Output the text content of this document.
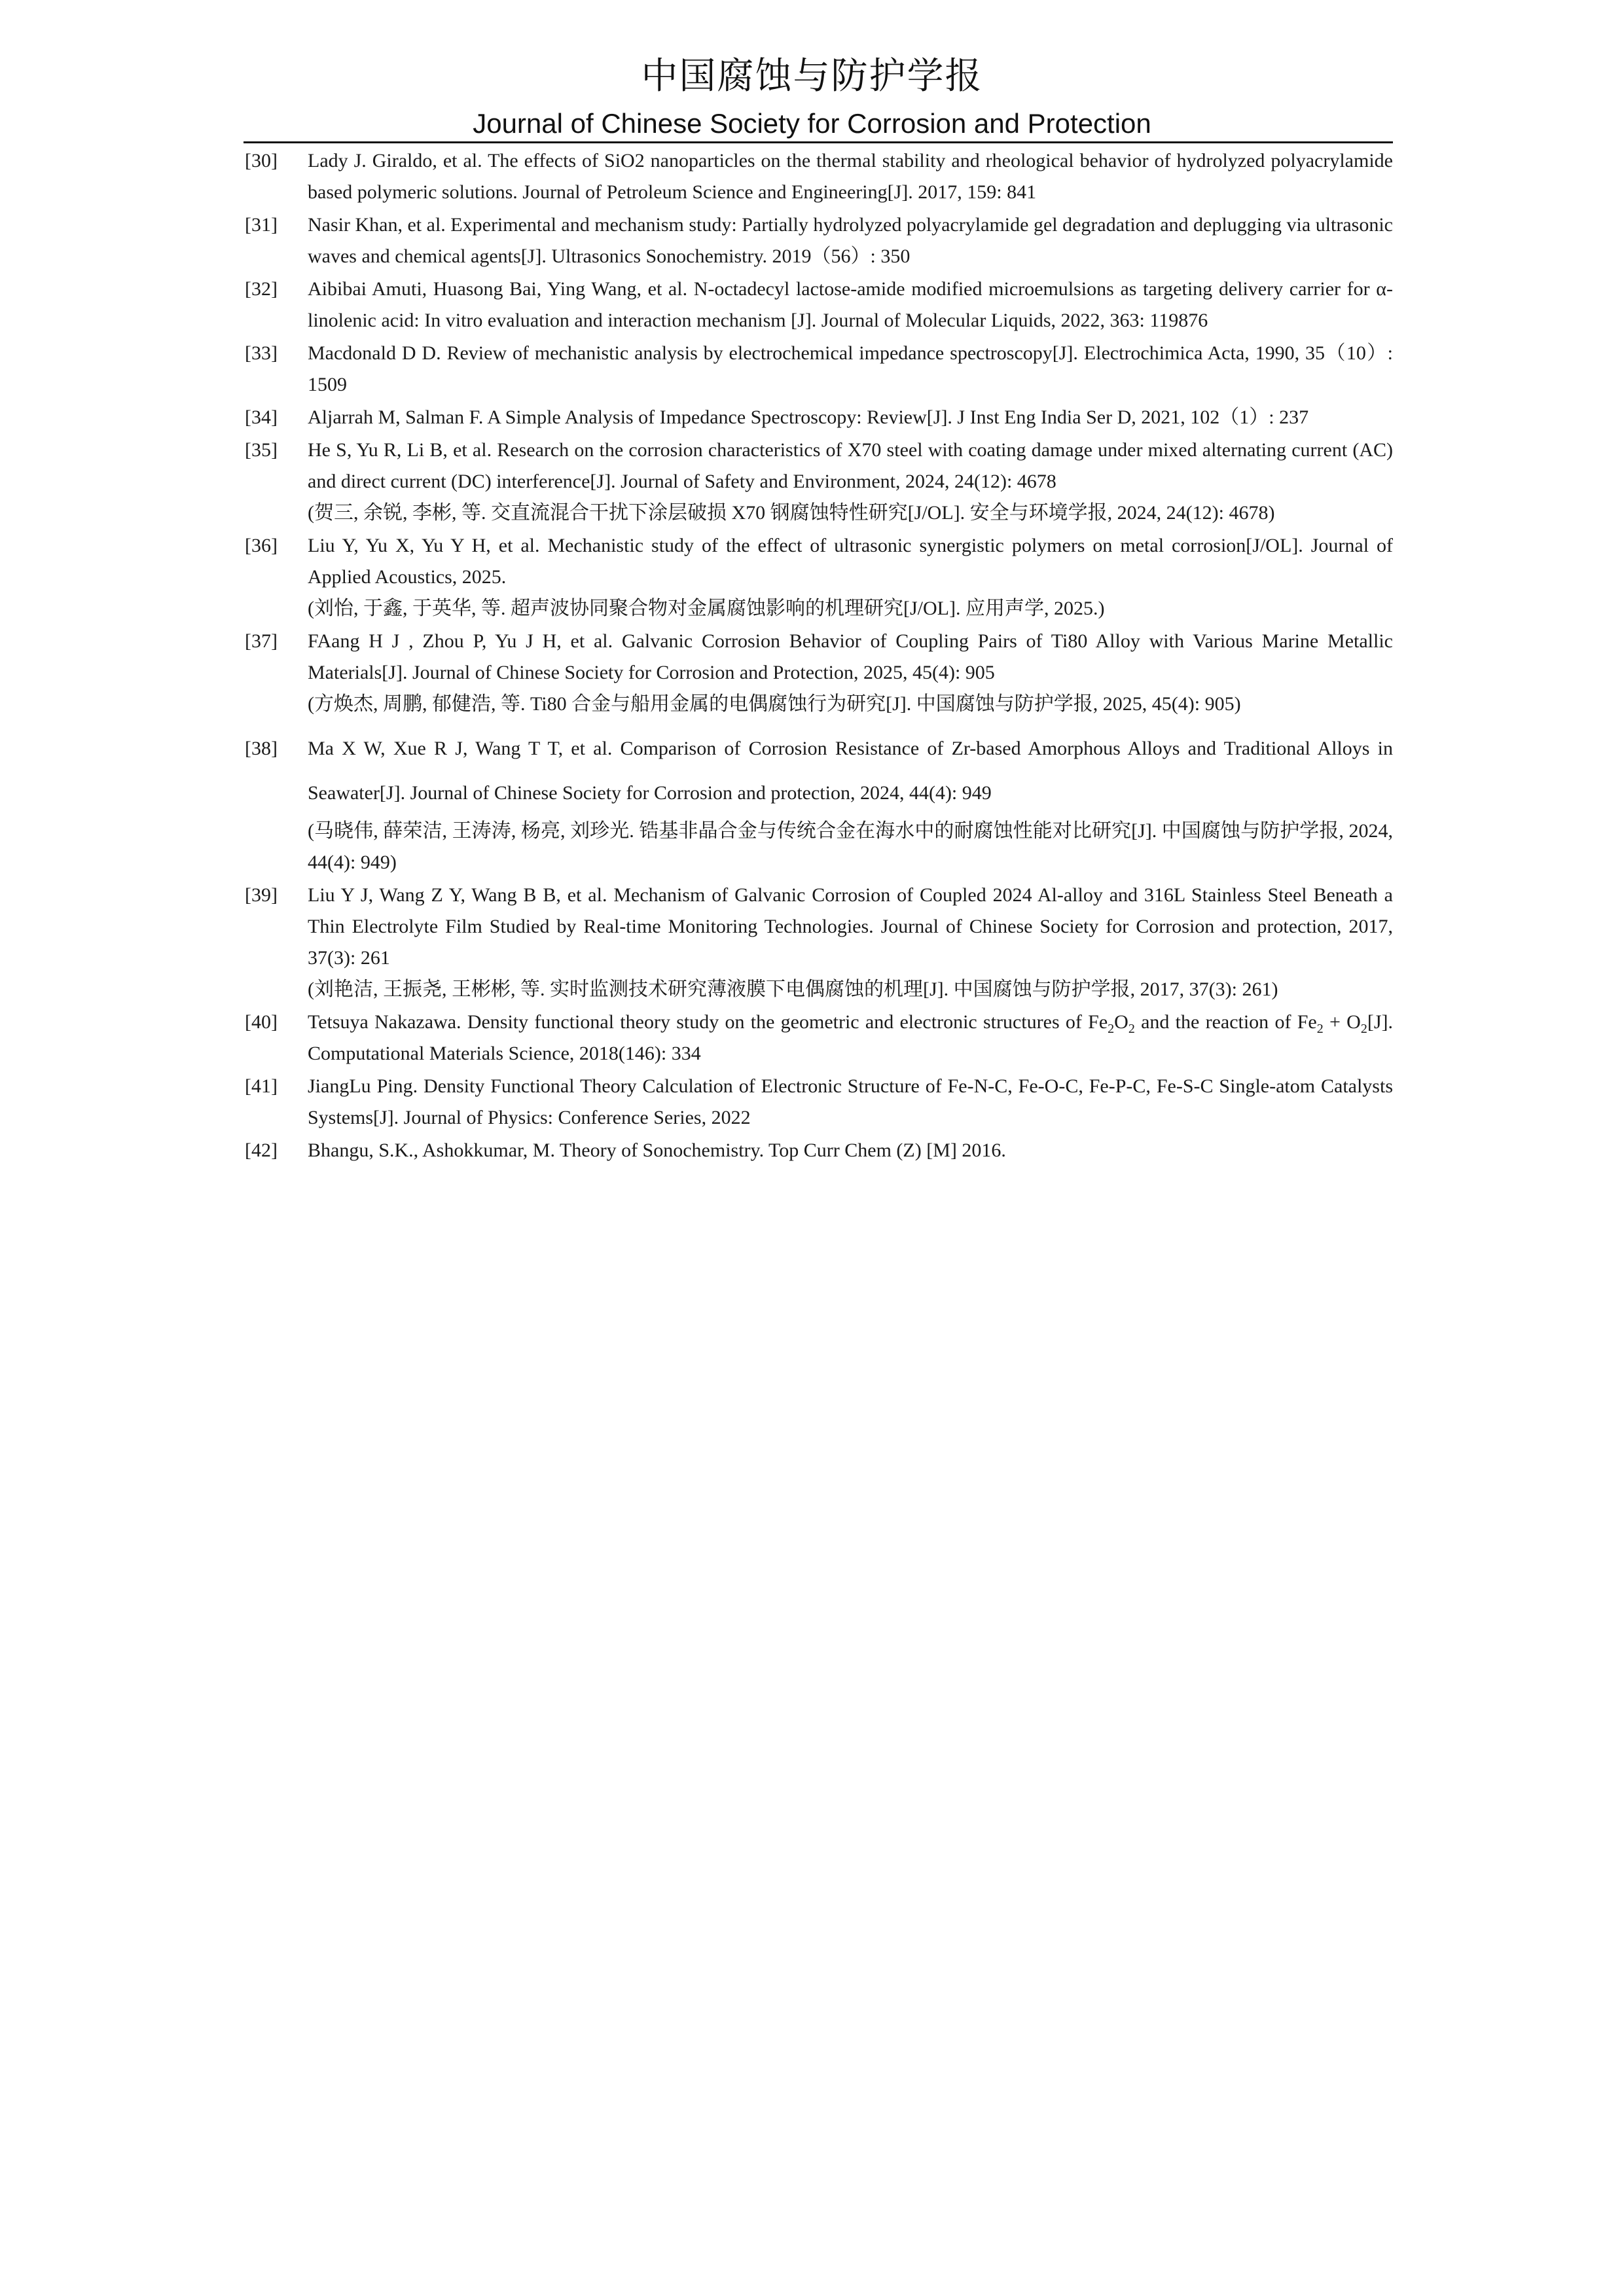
中国腐蚀与防护学报
Journal of Chinese Society for Corrosion and Protection
[30] Lady J. Giraldo, et al. The effects of SiO2 nanoparticles on the thermal stability and rheological behavior of hydrolyzed polyacrylamide based polymeric solutions. Journal of Petroleum Science and Engineering[J]. 2017, 159: 841
[31] Nasir Khan, et al. Experimental and mechanism study: Partially hydrolyzed polyacrylamide gel degradation and deplugging via ultrasonic waves and chemical agents[J]. Ultrasonics Sonochemistry. 2019（56）: 350
[32] Aibibai Amuti, Huasong Bai, Ying Wang, et al. N-octadecyl lactose-amide modified microemulsions as targeting delivery carrier for α-linolenic acid: In vitro evaluation and interaction mechanism [J]. Journal of Molecular Liquids, 2022, 363: 119876
[33] Macdonald D D. Review of mechanistic analysis by electrochemical impedance spectroscopy[J]. Electrochimica Acta, 1990, 35（10）: 1509
[34] Aljarrah M, Salman F. A Simple Analysis of Impedance Spectroscopy: Review[J]. J Inst Eng India Ser D, 2021, 102（1）: 237
[35] He S, Yu R, Li B, et al. Research on the corrosion characteristics of X70 steel with coating damage under mixed alternating current (AC) and direct current (DC) interference[J]. Journal of Safety and Environment, 2024, 24(12): 4678
(贺三, 余锐, 李彬, 等. 交直流混合干扰下涂层破损 X70 钢腐蚀特性研究[J/OL]. 安全与环境学报, 2024, 24(12): 4678)
[36] Liu Y, Yu X, Yu Y H, et al. Mechanistic study of the effect of ultrasonic synergistic polymers on metal corrosion[J/OL]. Journal of Applied Acoustics, 2025.
(刘怡, 于鑫, 于英华, 等. 超声波协同聚合物对金属腐蚀影响的机理研究[J/OL]. 应用声学, 2025.)
[37] FAang H J , Zhou P, Yu J H, et al. Galvanic Corrosion Behavior of Coupling Pairs of Ti80 Alloy with Various Marine Metallic Materials[J]. Journal of Chinese Society for Corrosion and Protection, 2025, 45(4): 905
(方焕杰, 周鹏, 郁健浩, 等. Ti80 合金与船用金属的电偶腐蚀行为研究[J]. 中国腐蚀与防护学报, 2025, 45(4): 905)
[38] Ma X W, Xue R J, Wang T T, et al. Comparison of Corrosion Resistance of Zr-based Amorphous Alloys and Traditional Alloys in Seawater[J]. Journal of Chinese Society for Corrosion and protection, 2024, 44(4): 949
(马晓伟, 薛荣洁, 王涛涛, 杨亮, 刘珍光. 锆基非晶合金与传统合金在海水中的耐腐蚀性能对比研究[J]. 中国腐蚀与防护学报, 2024, 44(4): 949)
[39] Liu Y J, Wang Z Y, Wang B B, et al. Mechanism of Galvanic Corrosion of Coupled 2024 Al-alloy and 316L Stainless Steel Beneath a Thin Electrolyte Film Studied by Real-time Monitoring Technologies. Journal of Chinese Society for Corrosion and protection, 2017, 37(3): 261
(刘艳洁, 王振尧, 王彬彬, 等. 实时监测技术研究薄液膜下电偶腐蚀的机理[J]. 中国腐蚀与防护学报, 2017, 37(3): 261)
[40] Tetsuya Nakazawa. Density functional theory study on the geometric and electronic structures of $Fe_2O_2$ and the reaction of $Fe_2 + O_2[J]$. Computational Materials Science, 2018(146): 334
[41] JiangLu Ping. Density Functional Theory Calculation of Electronic Structure of Fe-N-C, Fe-O-C, Fe-P-C, Fe-S-C Single-atom Catalysts Systems[J]. Journal of Physics: Conference Series, 2022
[42] Bhangu, S.K., Ashokkumar, M. Theory of Sonochemistry. Top Curr Chem (Z) [M] 2016.
